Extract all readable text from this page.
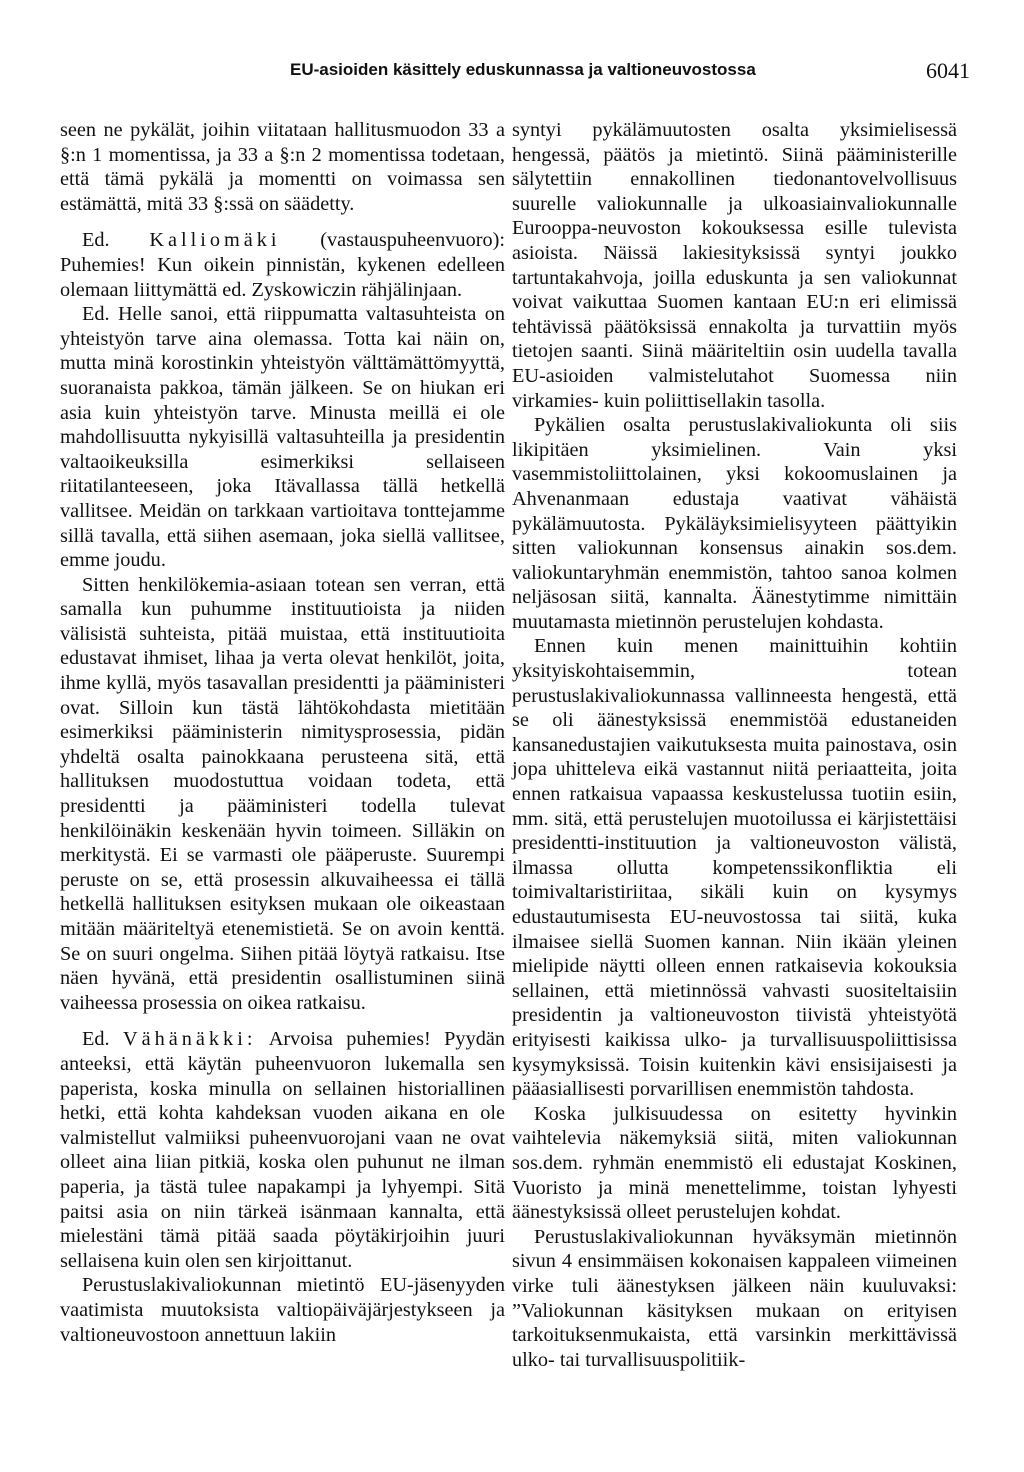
EU-asioiden käsittely eduskunnassa ja valtioneuvostossa	6041

seen ne pykälät, joihin viitataan hallitusmuodon 33 a §:n 1 momentissa, ja 33 a §:n 2 momentissa todetaan, että tämä pykälä ja momentti on voimassa sen estämättä, mitä 33 §:ssä on säädetty.

Ed. Kalliomäki (vastauspuheenvuoro): Puhemies! Kun oikein pinnistän, kykenen edelleen olemaan liittymättä ed. Zyskowiczin rähjälinjaan.

Ed. Helle sanoi, että riippumatta valtasuhteista on yhteistyön tarve aina olemassa. Totta kai näin on, mutta minä korostinkin yhteistyön välttämättömyyttä, suoranaista pakkoa, tämän jälkeen. Se on hiukan eri asia kuin yhteistyön tarve. Minusta meillä ei ole mahdollisuutta nykyisillä valtasuhteilla ja presidentin valtaoikeuksilla esimerkiksi sellaiseen riitatilanteeseen, joka Itävallassa tällä hetkellä vallitsee. Meidän on tarkkaan vartioitava tonttejamme sillä tavalla, että siihen asemaan, joka siellä vallitsee, emme joudu.

Sitten henkilökemia-asiaan totean sen verran, että samalla kun puhumme instituutioista ja niiden välisistä suhteista, pitää muistaa, että instituutioita edustavat ihmiset, lihaa ja verta olevat henkilöt, joita, ihme kyllä, myös tasavallan presidentti ja pääministeri ovat. Silloin kun tästä lähtökohdasta mietitään esimerkiksi pääministerin nimitysprosessia, pidän yhdeltä osalta painokkaana perusteena sitä, että hallituksen muodostuttua voidaan todeta, että presidentti ja pääministeri todella tulevat henkilöinäkin keskenään hyvin toimeen. Silläkin on merkitystä. Ei se varmasti ole pääperuste. Suurempi peruste on se, että prosessin alkuvaiheessa ei tällä hetkellä hallituksen esityksen mukaan ole oikeastaan mitään määriteltyä etenemistietä. Se on avoin kenttä. Se on suuri ongelma. Siihen pitää löytyä ratkaisu. Itse näen hyvänä, että presidentin osallistuminen siinä vaiheessa prosessia on oikea ratkaisu.

Ed. Vähänäkki: Arvoisa puhemies! Pyydän anteeksi, että käytän puheenvuoron lukemalla sen paperista, koska minulla on sellainen historiallinen hetki, että kohta kahdeksan vuoden aikana en ole valmistellut valmiiksi puheenvuorojani vaan ne ovat olleet aina liian pitkiä, koska olen puhunut ne ilman paperia, ja tästä tulee napakampi ja lyhyempi. Sitä paitsi asia on niin tärkeä isänmaan kannalta, että mielestäni tämä pitää saada pöytäkirjoihin juuri sellaisena kuin olen sen kirjoittanut.

Perustuslakivaliokunnan mietintö EU-jäsenyyden vaatimista muutoksista valtiopäiväjärjestykseen ja valtioneuvostoon annettuun lakiin

syntyi pykälämuutosten osalta yksimielisessä hengessä, päätös ja mietintö. Siinä pääministerille sälytettiin ennakollinen tiedonantovelvollisuus suurelle valiokunnalle ja ulkoasiainvaliokunnalle Eurooppa-neuvoston kokouksessa esille tulevista asioista. Näissä lakiesityksissä syntyi joukko tartuntakahvoja, joilla eduskunta ja sen valiokunnat voivat vaikuttaa Suomen kantaan EU:n eri elimissä tehtävissä päätöksissä ennakolta ja turvattiin myös tietojen saanti. Siinä määriteltiin osin uudella tavalla EU-asioiden valmistelutahot Suomessa niin virkamies- kuin poliittisellakin tasolla.

Pykälien osalta perustuslakivaliokunta oli siis likipitäen yksimielinen. Vain yksi vasemmistoliittolainen, yksi kokoomuslainen ja Ahvenanmaan edustaja vaativat vähäistä pykälämuutosta. Pykäläyksimielisyyteen päättyikin sitten valiokunnan konsensus ainakin sos.dem. valiokuntaryhmän enemmistön, tahtoo sanoa kolmen neljäsosan siitä, kannalta. Äänestytimme nimittäin muutamasta mietinnön perustelujen kohdasta.

Ennen kuin menen mainittuihin kohtiin yksityiskohtaisemmin, totean perustuslakivaliokunnassa vallinneesta hengestä, että se oli äänestyksissä enemmistöä edustaneiden kansanedustajien vaikutuksesta muita painostava, osin jopa uhitteleva eikä vastannut niitä periaatteita, joita ennen ratkaisua vapaassa keskustelussa tuotiin esiin, mm. sitä, että perustelujen muotoilussa ei kärjistettäisi presidentti-instituution ja valtioneuvoston välistä, ilmassa ollutta kompetenssikonfliktia eli toimivaltaristiriitaa, sikäli kuin on kysymys edustautumisesta EU-neuvostossa tai siitä, kuka ilmaisee siellä Suomen kannan. Niin ikään yleinen mielipide näytti olleen ennen ratkaisevia kokouksia sellainen, että mietinnössä vahvasti suositeltaisiin presidentin ja valtioneuvoston tiivistä yhteistyötä erityisesti kaikissa ulko- ja turvallisuuspoliittisissa kysymyksissä. Toisin kuitenkin kävi ensisijaisesti ja pääasiallisesti porvarillisen enemmistön tahdosta.

Koska julkisuudessa on esitetty hyvinkin vaihtelevia näkemyksiä siitä, miten valiokunnan sos.dem. ryhmän enemmistö eli edustajat Koskinen, Vuoristo ja minä menettelimme, toistan lyhyesti äänestyksissä olleet perustelujen kohdat.

Perustuslakivaliokunnan hyväksymän mietinnön sivun 4 ensimmäisen kokonaisen kappaleen viimeinen virke tuli äänestyksen jälkeen näin kuuluvaksi: ”Valiokunnan käsityksen mukaan on erityisen tarkoituksenmukaista, että varsinkin merkittävissä ulko- tai turvallisuuspolitiik-
